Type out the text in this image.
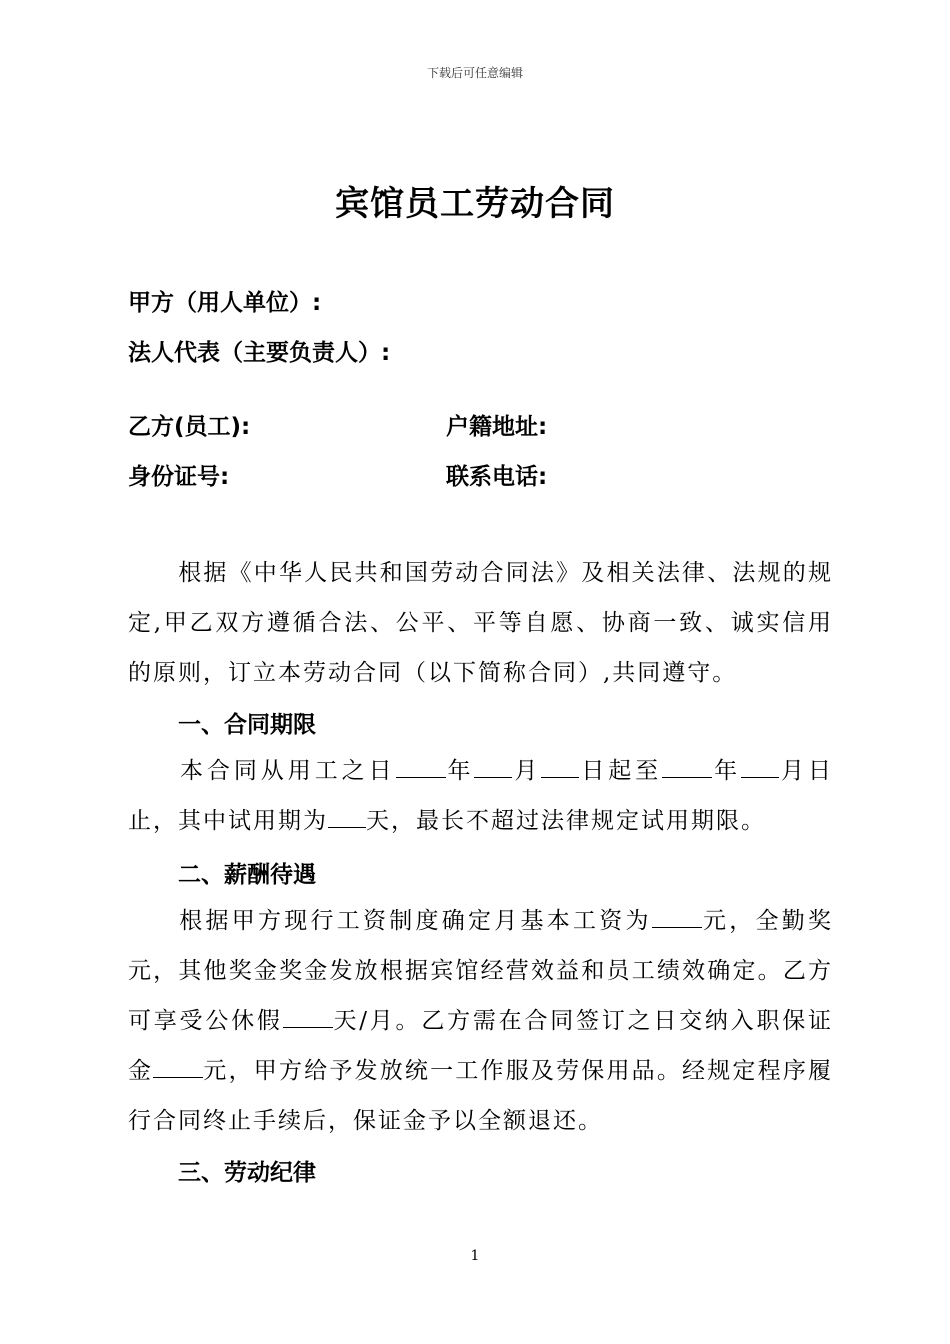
下载后可任意编辑
宾馆员工劳动合同
甲方（用人单位）:
法人代表（主要负责人）:
乙方(员工):	户籍地址:
身份证号:	联系电话:
根据《中华人民共和国劳动合同法》及相关法律、法规的规定,甲乙双方遵循合法、公平、平等自愿、协商一致、诚实信用的原则，订立本劳动合同（以下简称合同）,共同遵守。
一、合同期限
本合同从用工之日 年 月 日起至 年 月日止，其中试用期为 天，最长不超过法律规定试用期限。
二、薪酬待遇
根据甲方现行工资制度确定月基本工资为 元，全勤奖元，其他奖金奖金发放根据宾馆经营效益和员工绩效确定。乙方可享受公休假 天/月。乙方需在合同签订之日交纳入职保证金 元，甲方给予发放统一工作服及劳保用品。经规定程序履行合同终止手续后，保证金予以全额退还。
三、劳动纪律
1
